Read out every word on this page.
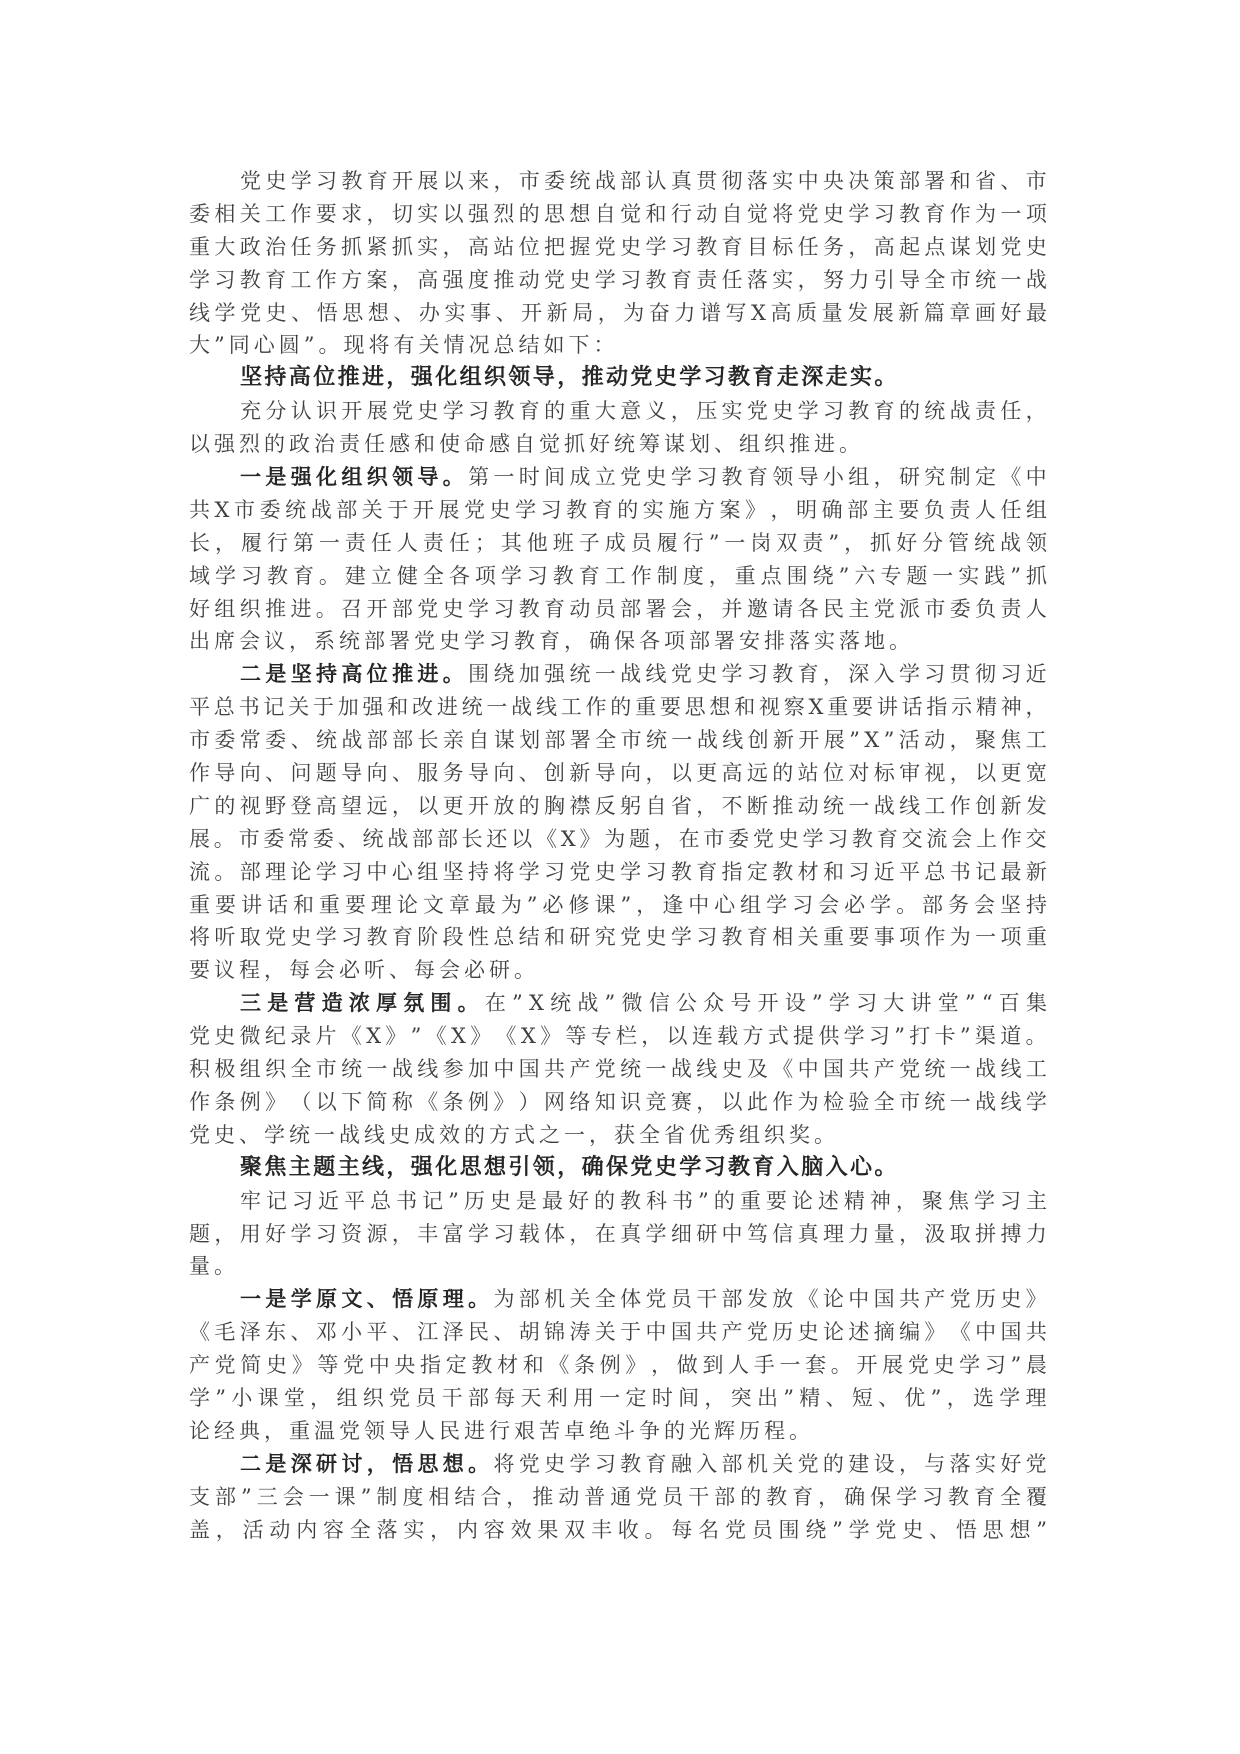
党 史 学 习 教 育 开 展 以 来 ， 市 委 统 战 部 认 真 贯 彻 落 实 中 央 决 策 部 署 和 省 、 市
委 相 关 工 作 要 求 ， 切 实 以 强 烈 的 思 想 自 觉 和 行 动 自 觉 将 党 史 学 习 教 育 作 为 一 项
重 大 政 治 任 务 抓 紧 抓 实 ， 高 站 位 把 握 党 史 学 习 教 育 目 标 任 务 ， 高 起 点 谋 划 党 史
学 习 教 育 工 作 方 案 ， 高 强 度 推 动 党 史 学 习 教 育 责 任 落 实 ， 努 力 引 导 全 市 统 一 战
线 学 党 史 、 悟 思 想 、 办 实 事 、 开 新 局 ， 为 奋 力 谱 写 X 高 质 量 发 展 新 篇 章 画 好 最
大”同心圆”。现将有关情况总结如下：
坚持高位推进，强化组织领导，推动党史学习教育走深走实。
充 分 认 识 开 展 党 史 学 习 教 育 的 重 大 意 义 ， 压 实 党 史 学 习 教 育 的 统 战 责 任 ，
以强烈的政治责任感和使命感自觉抓好统筹谋划、组织推进。
一 是 强 化 组 织 领 导 。 第 一 时 间 成 立 党 史 学 习 教 育 领 导 小 组 ， 研 究 制 定 《 中
共 X 市 委 统 战 部 关 于 开 展 党 史 学 习 教 育 的 实 施 方 案 》 ， 明 确 部 主 要 负 责 人 任 组
长 ， 履 行 第 一 责 任 人 责 任 ； 其 他 班 子 成 员 履 行 ” 一 岗 双 责 ” ， 抓 好 分 管 统 战 领
域 学 习 教 育 。 建 立 健 全 各 项 学 习 教 育 工 作 制 度 ， 重 点 围 绕 ” 六 专 题 一 实 践 ” 抓
好 组 织 推 进 。 召 开 部 党 史 学 习 教 育 动 员 部 署 会 ， 并 邀 请 各 民 主 党 派 市 委 负 责 人
出席会议，系统部署党史学习教育，确保各项部署安排落实落地。
二 是 坚 持 高 位 推 进 。 围 绕 加 强 统 一 战 线 党 史 学 习 教 育 ， 深 入 学 习 贯 彻 习 近
平 总 书 记 关 于 加 强 和 改 进 统 一 战 线 工 作 的 重 要 思 想 和 视 察 X 重 要 讲 话 指 示 精 神 ，
市 委 常 委 、 统 战 部 部 长 亲 自 谋 划 部 署 全 市 统 一 战 线 创 新 开 展 ” X ” 活 动 ， 聚 焦 工
作 导 向 、 问 题 导 向 、 服 务 导 向 、 创 新 导 向 ， 以 更 高 远 的 站 位 对 标 审 视 ， 以 更 宽
广 的 视 野 登 高 望 远 ， 以 更 开 放 的 胸 襟 反 躬 自 省 ， 不 断 推 动 统 一 战 线 工 作 创 新 发
展 。 市 委 常 委 、 统 战 部 部 长 还 以 《 X 》 为 题 ， 在 市 委 党 史 学 习 教 育 交 流 会 上 作 交
流 。 部 理 论 学 习 中 心 组 坚 持 将 学 习 党 史 学 习 教 育 指 定 教 材 和 习 近 平 总 书 记 最 新
重 要 讲 话 和 重 要 理 论 文 章 最 为 ” 必 修 课 ” ， 逢 中 心 组 学 习 会 必 学 。 部 务 会 坚 持
将 听 取 党 史 学 习 教 育 阶 段 性 总 结 和 研 究 党 史 学 习 教 育 相 关 重 要 事 项 作 为 一 项 重
要议程，每会必听、每会必研。
三 是 营 造 浓 厚 氛 围 。 在 ” X 统 战 ” 微 信 公 众 号 开 设 ” 学 习 大 讲 堂 ” “ 百 集
党 史 微 纪 录 片 《 X 》 ” 《 X 》 《 X 》 等 专 栏 ， 以 连 载 方 式 提 供 学 习 ” 打 卡 ” 渠 道 。
积 极 组 织 全 市 统 一 战 线 参 加 中 国 共 产 党 统 一 战 线 史 及 《 中 国 共 产 党 统 一 战 线 工
作 条 例 》 （ 以 下 简 称 《 条 例 》 ） 网 络 知 识 竞 赛 ， 以 此 作 为 检 验 全 市 统 一 战 线 学
党史、学统一战线史成效的方式之一，获全省优秀组织奖。
聚焦主题主线，强化思想引领，确保党史学习教育入脑入心。
牢 记 习 近 平 总 书 记 ” 历 史 是 最 好 的 教 科 书 ” 的 重 要 论 述 精 神 ， 聚 焦 学 习 主
题 ， 用 好 学 习 资 源 ， 丰 富 学 习 载 体 ， 在 真 学 细 研 中 笃 信 真 理 力 量 ， 汲 取 拼 搏 力
量。
一 是 学 原 文 、 悟 原 理 。 为 部 机 关 全 体 党 员 干 部 发 放 《 论 中 国 共 产 党 历 史 》
《 毛 泽 东 、 邓 小 平 、 江 泽 民 、 胡 锦 涛 关 于 中 国 共 产 党 历 史 论 述 摘 编 》 《 中 国 共
产 党 简 史 》 等 党 中 央 指 定 教 材 和 《 条 例 》 ， 做 到 人 手 一 套 。 开 展 党 史 学 习 ” 晨
学 ” 小 课 堂 ， 组 织 党 员 干 部 每 天 利 用 一 定 时 间 ， 突 出 ” 精 、 短 、 优 ” ， 选 学 理
论经典，重温党领导人民进行艰苦卓绝斗争的光辉历程。
二 是 深 研 讨 ， 悟 思 想 。 将 党 史 学 习 教 育 融 入 部 机 关 党 的 建 设 ， 与 落 实 好 党
支 部 ” 三 会 一 课 ” 制 度 相 结 合 ， 推 动 普 通 党 员 干 部 的 教 育 ， 确 保 学 习 教 育 全 覆
盖 ， 活 动 内 容 全 落 实 ， 内 容 效 果 双 丰 收 。 每 名 党 员 围 绕 ” 学 党 史 、 悟 思 想 ”
